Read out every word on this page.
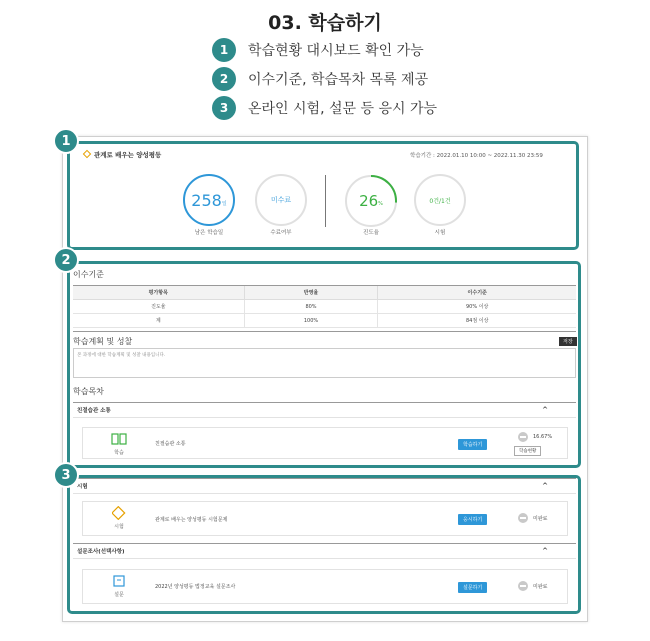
03. 학습하기
1	학습현황 대시보드 확인 가능
2	이수기준, 학습목차 목록 제공
3	온라인 시험, 설문 등 응시 가능
관계로 배우는 양성평등	학습기간 : 2022.01.10 10:00 ~ 2022.11.30 23:59
258 일
남은 학습일
미수료
수료여부
26 %
진도율
0건/1건
시험
이수기준
평가항목	반영율	이수기준
진도율	80%	90% 이상
계	100%	84점 이상
학습계획 및 성찰	저장
본 과정에 대한 학습계획 및 성찰 내용입니다.
학습목차
친절습관 소통	^
학습
친절습관 소통	학습하기
16.67%
학습현황
시험	^
시험
관계로 배우는 양성평등 시험문제	응시하기	미완료
설문조사(선택사항)	^
설문
2022년 양성평등 법정교육 설문조사	설문하기	미완료
1
2
3
